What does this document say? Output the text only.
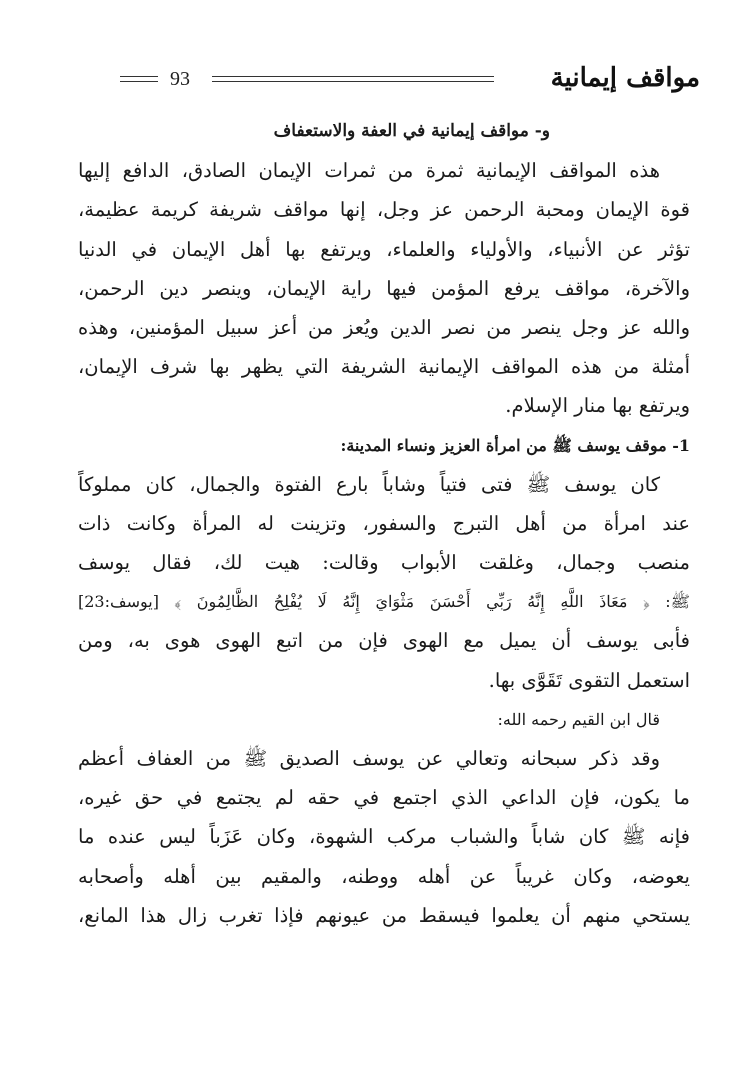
93	مواقف إيمانية
و- مواقف إيمانية في العفة والاستعفاف
هذه المواقف الإيمانية ثمرة من ثمرات الإيمان الصادق، الدافع إليها
قوة الإيمان ومحبة الرحمن عز وجل، إنها مواقف شريفة كريمة عظيمة،
تؤثر عن الأنبياء، والأولياء والعلماء، ويرتفع بها أهل الإيمان في الدنيا
والآخرة، مواقف يرفع المؤمن فيها راية الإيمان، وينصر دين الرحمن،
والله عز وجل ينصر من نصر الدين ويُعز من أعز سبيل المؤمنين، وهذه
أمثلة من هذه المواقف الإيمانية الشريفة التي يظهر بها شرف الإيمان،
ويرتفع بها منار الإسلام.
1- موقف يوسف ﷺ من امرأة العزيز ونساء المدينة:
كان يوسف ﷺ فتى فتياً وشاباً بارع الفتوة والجمال، كان مملوكاً
عند امرأة من أهل التبرج والسفور، وتزينت له المرأة وكانت ذات
منصب وجمال، وغلقت الأبواب وقالت: هيت لك، فقال يوسف
ﷺ: ﴿ مَعَاذَ اللَّهِ إِنَّهُ رَبِّي أَحْسَنَ مَثْوَايَ إِنَّهُ لَا يُفْلِحُ الظَّالِمُونَ ﴾ [يوسف:23]
فأبى يوسف أن يميل مع الهوى فإن من اتبع الهوى هوى به، ومن
استعمل التقوى تَقَوَّى بها.
قال ابن القيم رحمه الله:
وقد ذكر سبحانه وتعالي عن يوسف الصديق ﷺ من العفاف أعظم
ما يكون، فإن الداعي الذي اجتمع في حقه لم يجتمع في حق غيره،
فإنه ﷺ كان شاباً والشباب مركب الشهوة، وكان عَزَباً ليس عنده ما
يعوضه، وكان غريباً عن أهله ووطنه، والمقيم بين أهله وأصحابه
يستحي منهم أن يعلموا فيسقط من عيونهم فإذا تغرب زال هذا المانع،
